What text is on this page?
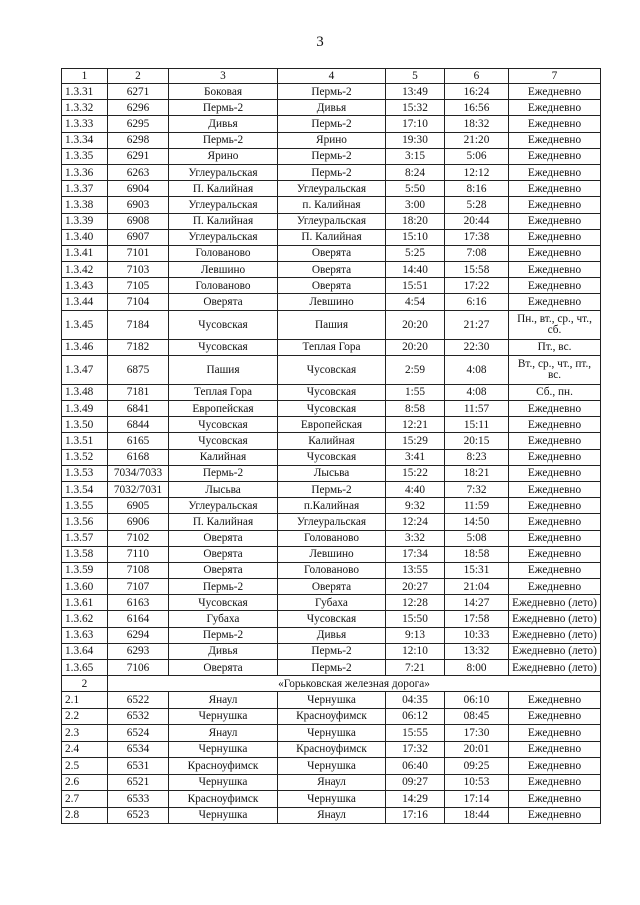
3
1	2	3	4	5	6	7
1.3.31	6271	Боковая	Пермь-2	13:49	16:24	Ежедневно
1.3.32	6296	Пермь-2	Дивья	15:32	16:56	Ежедневно
1.3.33	6295	Дивья	Пермь-2	17:10	18:32	Ежедневно
1.3.34	6298	Пермь-2	Ярино	19:30	21:20	Ежедневно
1.3.35	6291	Ярино	Пермь-2	3:15	5:06	Ежедневно
1.3.36	6263	Углеуральская	Пермь-2	8:24	12:12	Ежедневно
1.3.37	6904	П. Калийная	Углеуральская	5:50	8:16	Ежедневно
1.3.38	6903	Углеуральская	п. Калийная	3:00	5:28	Ежедневно
1.3.39	6908	П. Калийная	Углеуральская	18:20	20:44	Ежедневно
1.3.40	6907	Углеуральская	П. Калийная	15:10	17:38	Ежедневно
1.3.41	7101	Голованово	Оверята	5:25	7:08	Ежедневно
1.3.42	7103	Левшино	Оверята	14:40	15:58	Ежедневно
1.3.43	7105	Голованово	Оверята	15:51	17:22	Ежедневно
1.3.44	7104	Оверята	Левшино	4:54	6:16	Ежедневно
1.3.45	7184	Чусовская	Пашия	20:20	21:27	Пн., вт., ср., чт., сб.
1.3.46	7182	Чусовская	Теплая Гора	20:20	22:30	Пт., вс.
1.3.47	6875	Пашия	Чусовская	2:59	4:08	Вт., ср., чт., пт., вс.
1.3.48	7181	Теплая Гора	Чусовская	1:55	4:08	Сб., пн.
1.3.49	6841	Европейская	Чусовская	8:58	11:57	Ежедневно
1.3.50	6844	Чусовская	Европейская	12:21	15:11	Ежедневно
1.3.51	6165	Чусовская	Калийная	15:29	20:15	Ежедневно
1.3.52	6168	Калийная	Чусовская	3:41	8:23	Ежедневно
1.3.53	7034/7033	Пермь-2	Лысьва	15:22	18:21	Ежедневно
1.3.54	7032/7031	Лысьва	Пермь-2	4:40	7:32	Ежедневно
1.3.55	6905	Углеуральская	п.Калийная	9:32	11:59	Ежедневно
1.3.56	6906	П. Калийная	Углеуральская	12:24	14:50	Ежедневно
1.3.57	7102	Оверята	Голованово	3:32	5:08	Ежедневно
1.3.58	7110	Оверята	Левшино	17:34	18:58	Ежедневно
1.3.59	7108	Оверята	Голованово	13:55	15:31	Ежедневно
1.3.60	7107	Пермь-2	Оверята	20:27	21:04	Ежедневно
1.3.61	6163	Чусовская	Губаха	12:28	14:27	Ежедневно (лето)
1.3.62	6164	Губаха	Чусовская	15:50	17:58	Ежедневно (лето)
1.3.63	6294	Пермь-2	Дивья	9:13	10:33	Ежедневно (лето)
1.3.64	6293	Дивья	Пермь-2	12:10	13:32	Ежедневно (лето)
1.3.65	7106	Оверята	Пермь-2	7:21	8:00	Ежедневно (лето)
2	«Горьковская железная дорога»					
2.1	6522	Янаул	Чернушка	04:35	06:10	Ежедневно
2.2	6532	Чернушка	Красноуфимск	06:12	08:45	Ежедневно
2.3	6524	Янаул	Чернушка	15:55	17:30	Ежедневно
2.4	6534	Чернушка	Красноуфимск	17:32	20:01	Ежедневно
2.5	6531	Красноуфимск	Чернушка	06:40	09:25	Ежедневно
2.6	6521	Чернушка	Янаул	09:27	10:53	Ежедневно
2.7	6533	Красноуфимск	Чернушка	14:29	17:14	Ежедневно
2.8	6523	Чернушка	Янаул	17:16	18:44	Ежедневно
